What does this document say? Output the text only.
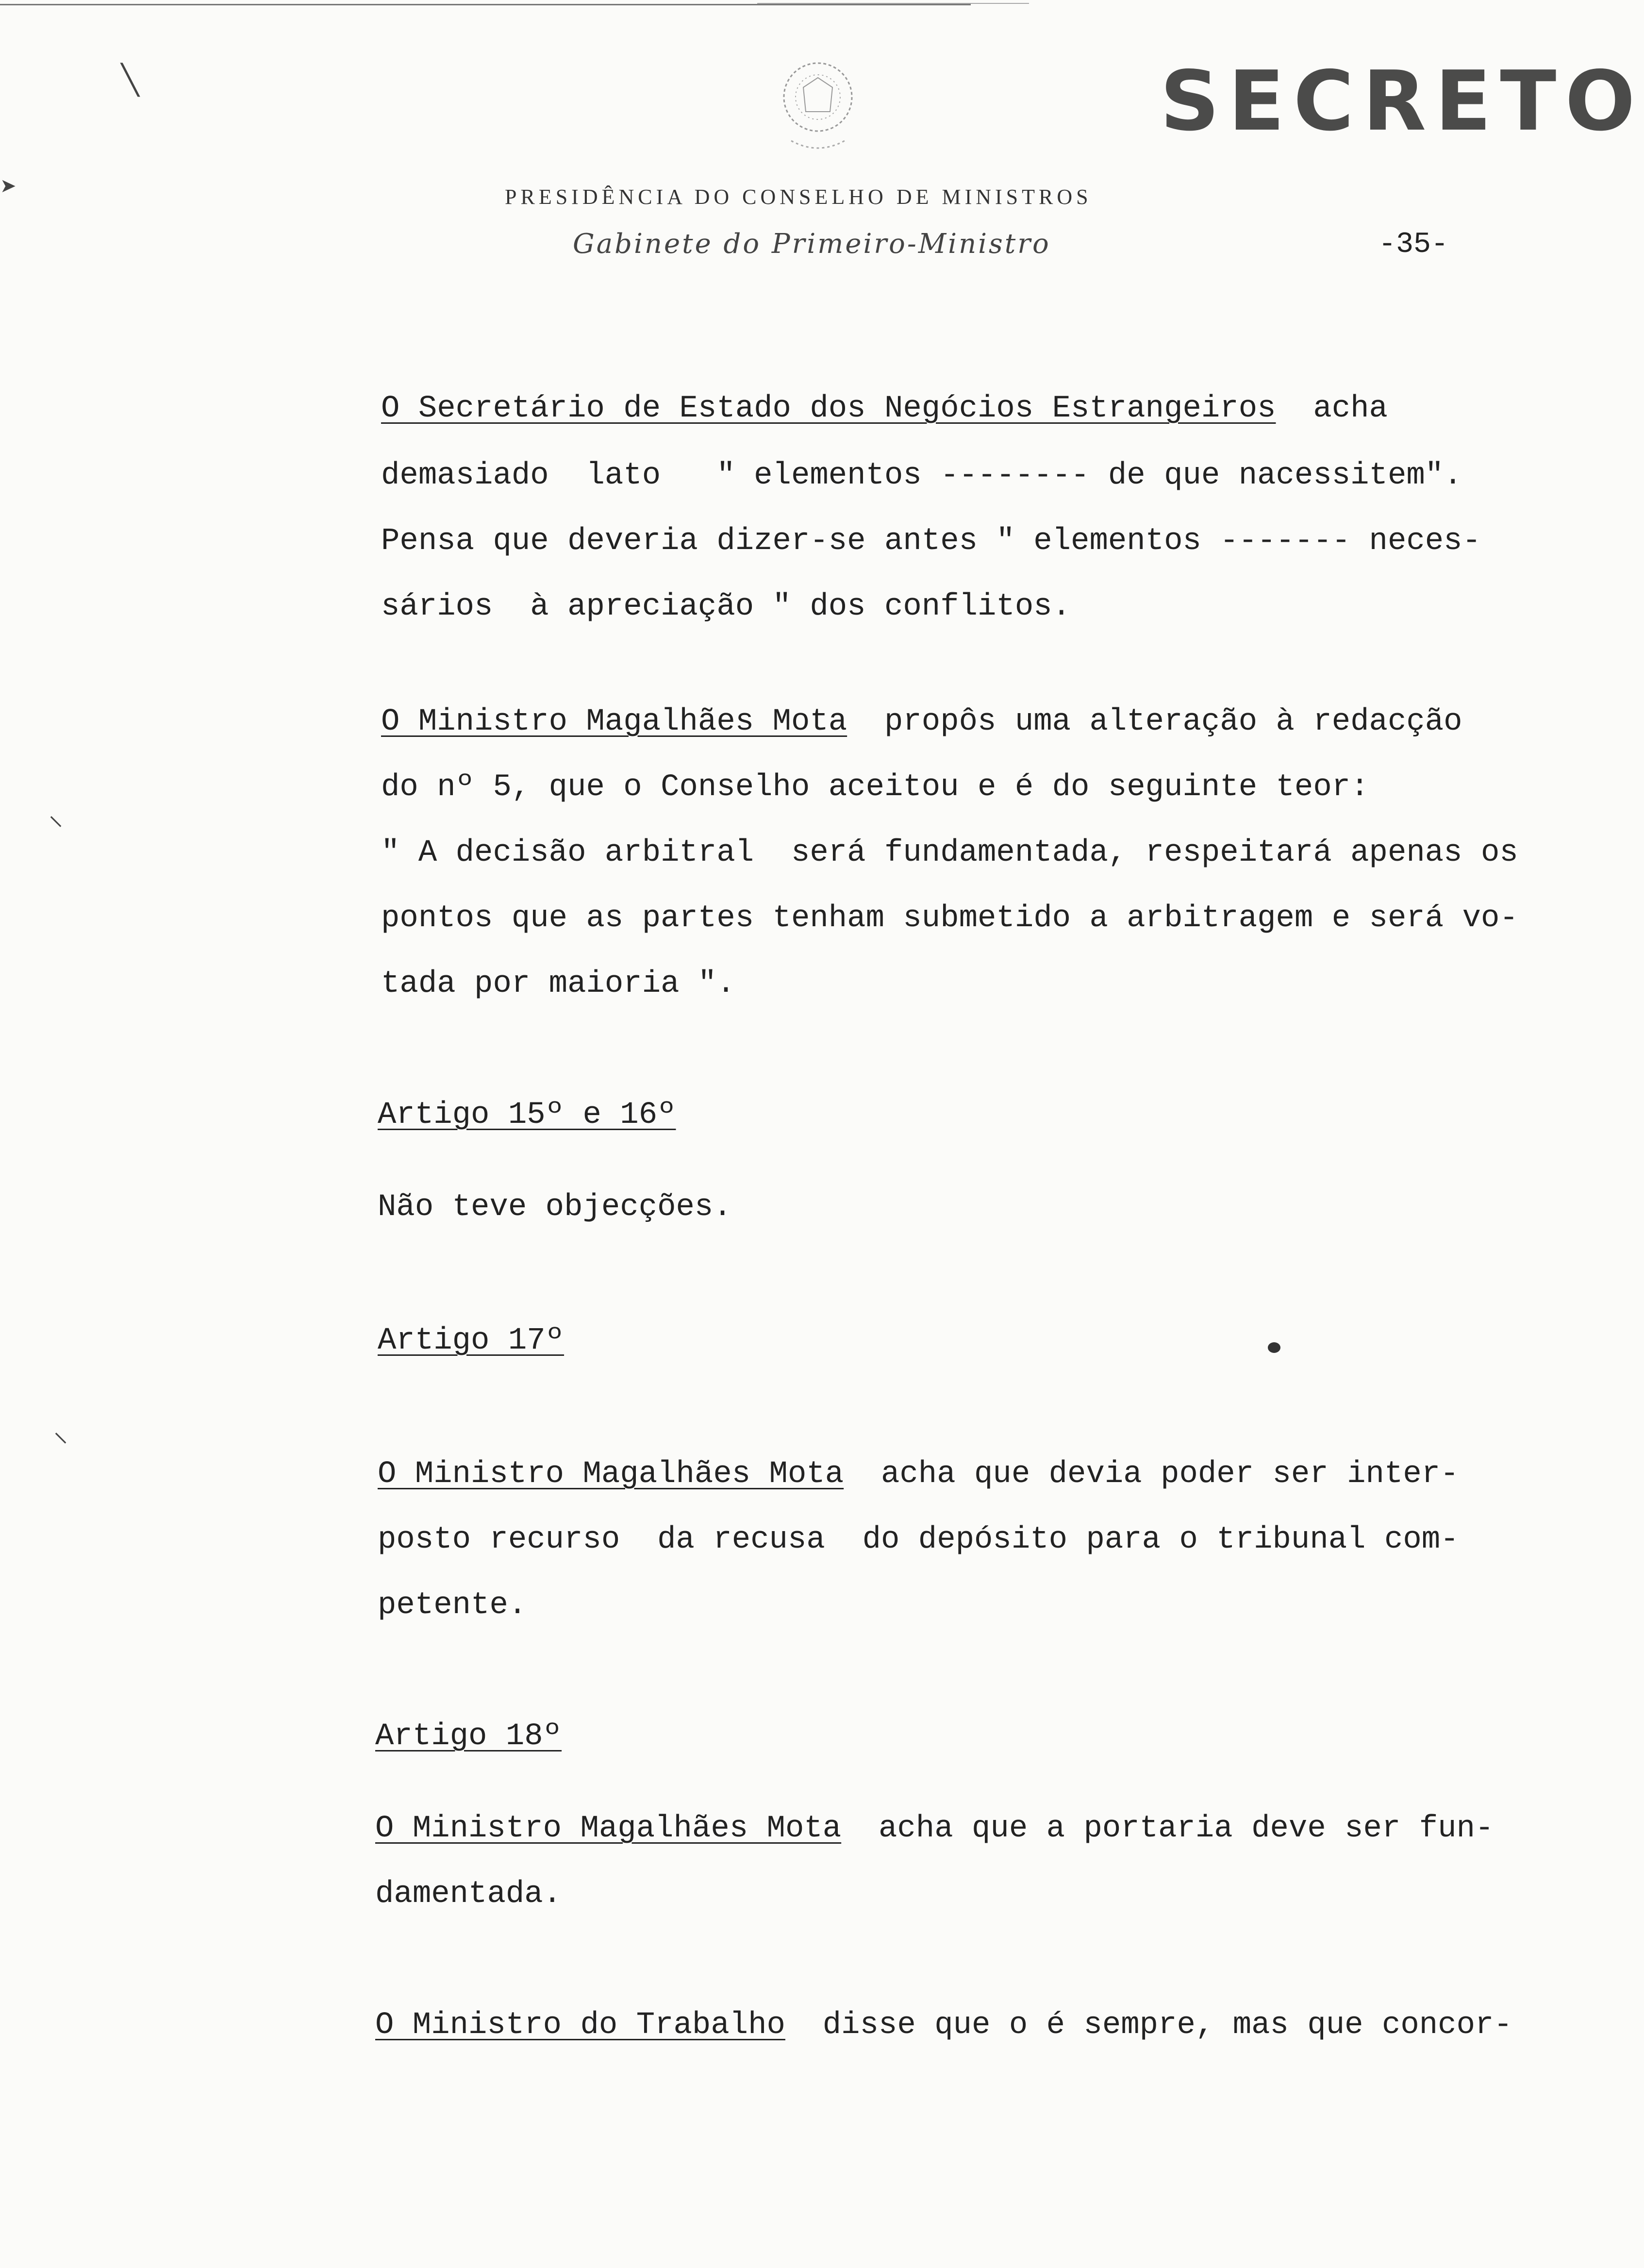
╲
➤
⸌
⸌
SECRETO
PRESIDÊNCIA DO CONSELHO DE MINISTROS
Gabinete do Primeiro-Ministro	-35-
O Secretário de Estado dos Negócios Estrangeiros acha
demasiado  lato   " elementos -------- de que nacessitem".
Pensa que deveria dizer-se antes " elementos ------- neces-
sários  à apreciação " dos conflitos.
O Ministro Magalhães Mota propôs uma alteração à redacção
do nº 5, que o Conselho aceitou e é do seguinte teor:
" A decisão arbitral  será fundamentada, respeitará apenas os
pontos que as partes tenham submetido a arbitragem e será vo-
tada por maioria ".
Artigo 15º e 16º
Não teve objecções.
Artigo 17º
O Ministro Magalhães Mota acha que devia poder ser inter-
posto recurso  da recusa  do depósito para o tribunal com-
petente.
Artigo 18º
O Ministro Magalhães Mota acha que a portaria deve ser fun-
damentada.
O Ministro do Trabalho disse que o é sempre, mas que concor-
